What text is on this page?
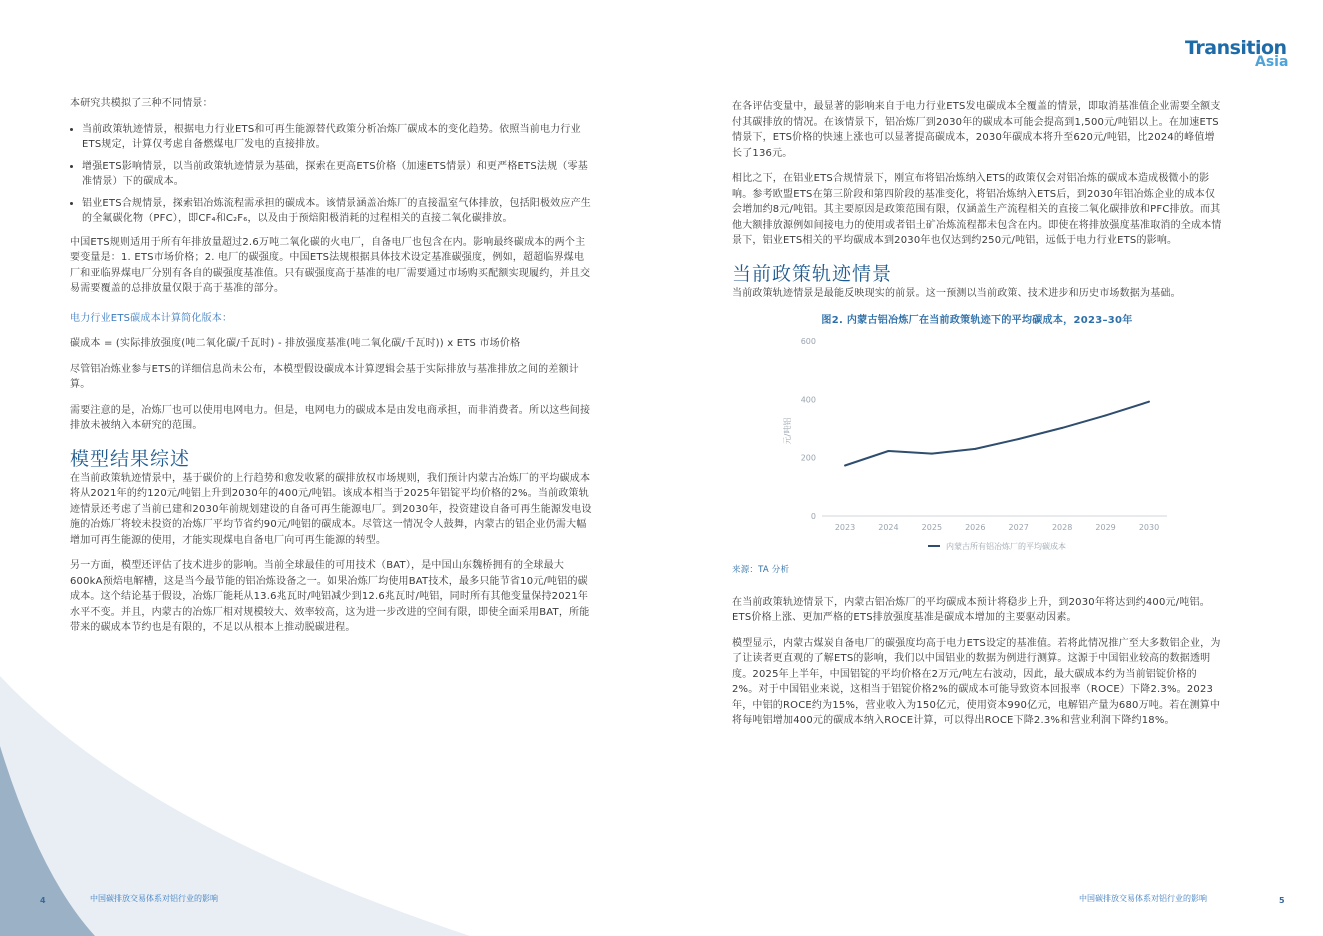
Transition
Asia

本研究共模拟了三种不同情景：

• 当前政策轨迹情景，根据电力行业ETS和可再生能源替代政策分析冶炼厂碳成本的变化趋势。依照当前电力行业ETS规定，计算仅考虑自备燃煤电厂发电的直接排放。
• 增强ETS影响情景，以当前政策轨迹情景为基础，探索在更高ETS价格（加速ETS情景）和更严格ETS法规（零基准情景）下的碳成本。
• 铝业ETS合规情景，探索铝冶炼流程需承担的碳成本。该情景涵盖冶炼厂的直接温室气体排放，包括阳极效应产生的全氟碳化物（PFC），即CF₄和C₂F₆，以及由于预焙阳极消耗的过程相关的直接二氧化碳排放。

中国ETS规则适用于所有年排放量超过2.6万吨二氧化碳的火电厂，自备电厂也包含在内。影响最终碳成本的两个主要变量是：1. ETS市场价格；2. 电厂的碳强度。中国ETS法规根据具体技术设定基准碳强度，例如，超超临界煤电厂和亚临界煤电厂分别有各自的碳强度基准值。只有碳强度高于基准的电厂需要通过市场购买配额实现履约，并且交易需要覆盖的总排放量仅限于高于基准的部分。

电力行业ETS碳成本计算简化版本：

碳成本 = (实际排放强度(吨二氧化碳/千瓦时) - 排放强度基准(吨二氧化碳/千瓦时)) x ETS 市场价格

尽管铝冶炼业参与ETS的详细信息尚未公布，本模型假设碳成本计算逻辑会基于实际排放与基准排放之间的差额计算。

需要注意的是，冶炼厂也可以使用电网电力。但是，电网电力的碳成本是由发电商承担，而非消费者。所以这些间接排放未被纳入本研究的范围。

模型结果综述

在当前政策轨迹情景中，基于碳价的上行趋势和愈发收紧的碳排放权市场规则，我们预计内蒙古冶炼厂的平均碳成本将从2021年的约120元/吨铝上升到2030年的400元/吨铝。该成本相当于2025年铝锭平均价格的2%。当前政策轨迹情景还考虑了当前已建和2030年前规划建设的自备可再生能源电厂。到2030年，投资建设自备可再生能源发电设施的冶炼厂将较未投资的冶炼厂平均节省约90元/吨铝的碳成本。尽管这一情况令人鼓舞，内蒙古的铝企业仍需大幅增加可再生能源的使用，才能实现煤电自备电厂向可再生能源的转型。

另一方面，模型还评估了技术进步的影响。当前全球最佳的可用技术（BAT），是中国山东魏桥拥有的全球最大600kA预焙电解槽，这是当今最节能的铝冶炼设备之一。如果冶炼厂均使用BAT技术，最多只能节省10元/吨铝的碳成本。这个结论基于假设，冶炼厂能耗从13.6兆瓦时/吨铝减少到12.6兆瓦时/吨铝，同时所有其他变量保持2021年水平不变。并且，内蒙古的冶炼厂相对规模较大、效率较高，这为进一步改进的空间有限，即使全面采用BAT，所能带来的碳成本节约也是有限的，不足以从根本上推动脱碳进程。

在各评估变量中，最显著的影响来自于电力行业ETS发电碳成本全覆盖的情景，即取消基准值企业需要全额支付其碳排放的情况。在该情景下，铝冶炼厂到2030年的碳成本可能会提高到1,500元/吨铝以上。在加速ETS情景下，ETS价格的快速上涨也可以显著提高碳成本，2030年碳成本将升至620元/吨铝，比2024的峰值增长了136元。

相比之下，在铝业ETS合规情景下，刚宣布将铝冶炼纳入ETS的政策仅会对铝冶炼的碳成本造成极微小的影响。参考欧盟ETS在第三阶段和第四阶段的基准变化，将铝冶炼纳入ETS后，到2030年铝冶炼企业的成本仅会增加约8元/吨铝。其主要原因是政策范围有限，仅涵盖生产流程相关的直接二氧化碳排放和PFC排放。而其他大额排放源例如间接电力的使用或者铝土矿冶炼流程都未包含在内。即使在将排放强度基准取消的全成本情景下，铝业ETS相关的平均碳成本到2030年也仅达到约250元/吨铝，远低于电力行业ETS的影响。

当前政策轨迹情景

当前政策轨迹情景是最能反映现实的前景。这一预测以当前政策、技术进步和历史市场数据为基础。

图2. 内蒙古铝冶炼厂在当前政策轨迹下的平均碳成本，2023–30年
0
200
400
600
元/吨铝
2023	2024	2025	2026	2027	2028	2029	2030
内蒙古所有铝冶炼厂的平均碳成本

来源：TA 分析

在当前政策轨迹情景下，内蒙古铝冶炼厂的平均碳成本预计将稳步上升，到2030年将达到约400元/吨铝。ETS价格上涨、更加严格的ETS排放强度基准是碳成本增加的主要驱动因素。

模型显示，内蒙古煤炭自备电厂的碳强度均高于电力ETS设定的基准值。若将此情况推广至大多数铝企业，为了让读者更直观的了解ETS的影响，我们以中国铝业的数据为例进行测算。这源于中国铝业较高的数据透明度。2025年上半年，中国铝锭的平均价格在2万元/吨左右波动，因此，最大碳成本约为当前铝锭价格的2%。对于中国铝业来说，这相当于铝锭价格2%的碳成本可能导致资本回报率（ROCE）下降2.3%。2023年，中铝的ROCE约为15%，营业收入为150亿元，使用资本990亿元，电解铝产量为680万吨。若在测算中将每吨铝增加400元的碳成本纳入ROCE计算，可以得出ROCE下降2.3%和营业利润下降约18%。

4	中国碳排放交易体系对铝行业的影响	中国碳排放交易体系对铝行业的影响	5
